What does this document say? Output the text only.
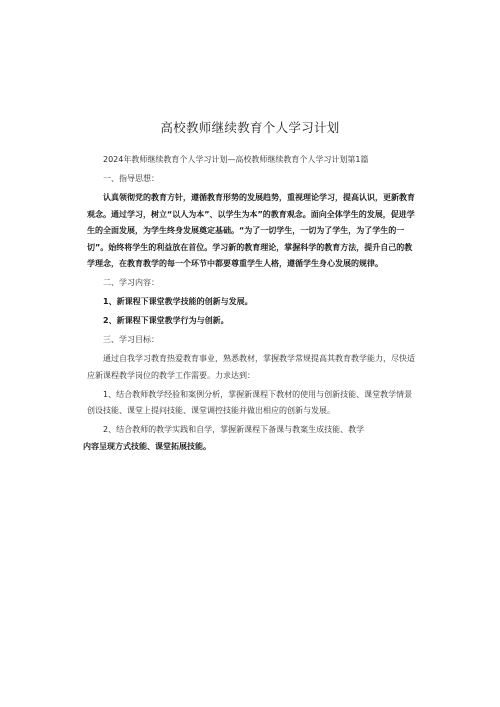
高校教师继续教育个人学习计划

2024年教师继续教育个人学习计划—高校教师继续教育个人学习计划第1篇

一、指导思想：

认真领彻党的教育方针，遵循教育形势的发展趋势，重视理论学习，提高认识，更新教育观念。通过学习，树立“以人为本”、以学生为本”的教育观念。面向全体学生的发展，促进学生的全面发展，为学生终身发展奠定基础。“为了一切学生，一切为了学生，为了学生的一切”。始终将学生的利益放在首位。学习新的教育理论，掌握科学的教育方法，提升自己的教学理念，在教育教学的每一个环节中都要尊重学生人格，遵循学生身心发展的规律。

二、学习内容：

1、新课程下课堂教学技能的创新与发展。

2、新课程下课堂教学行为与创新。

三、学习目标：

通过自我学习教育热爱教育事业，熟悉教材，掌握教学常规提高其教育教学能力，尽快适应新课程教学岗位的教学工作需要。力求达到：

1、结合教师教学经验和案例分析，掌握新课程下教材的使用与创新技能、课堂教学情景创设技能、课堂上提问技能、课堂调控技能并做出相应的创新与发展。

2、结合教师的教学实践和自学，掌握新课程下备课与教案生成技能、教学

内容呈现方式技能、课堂拓展技能。
